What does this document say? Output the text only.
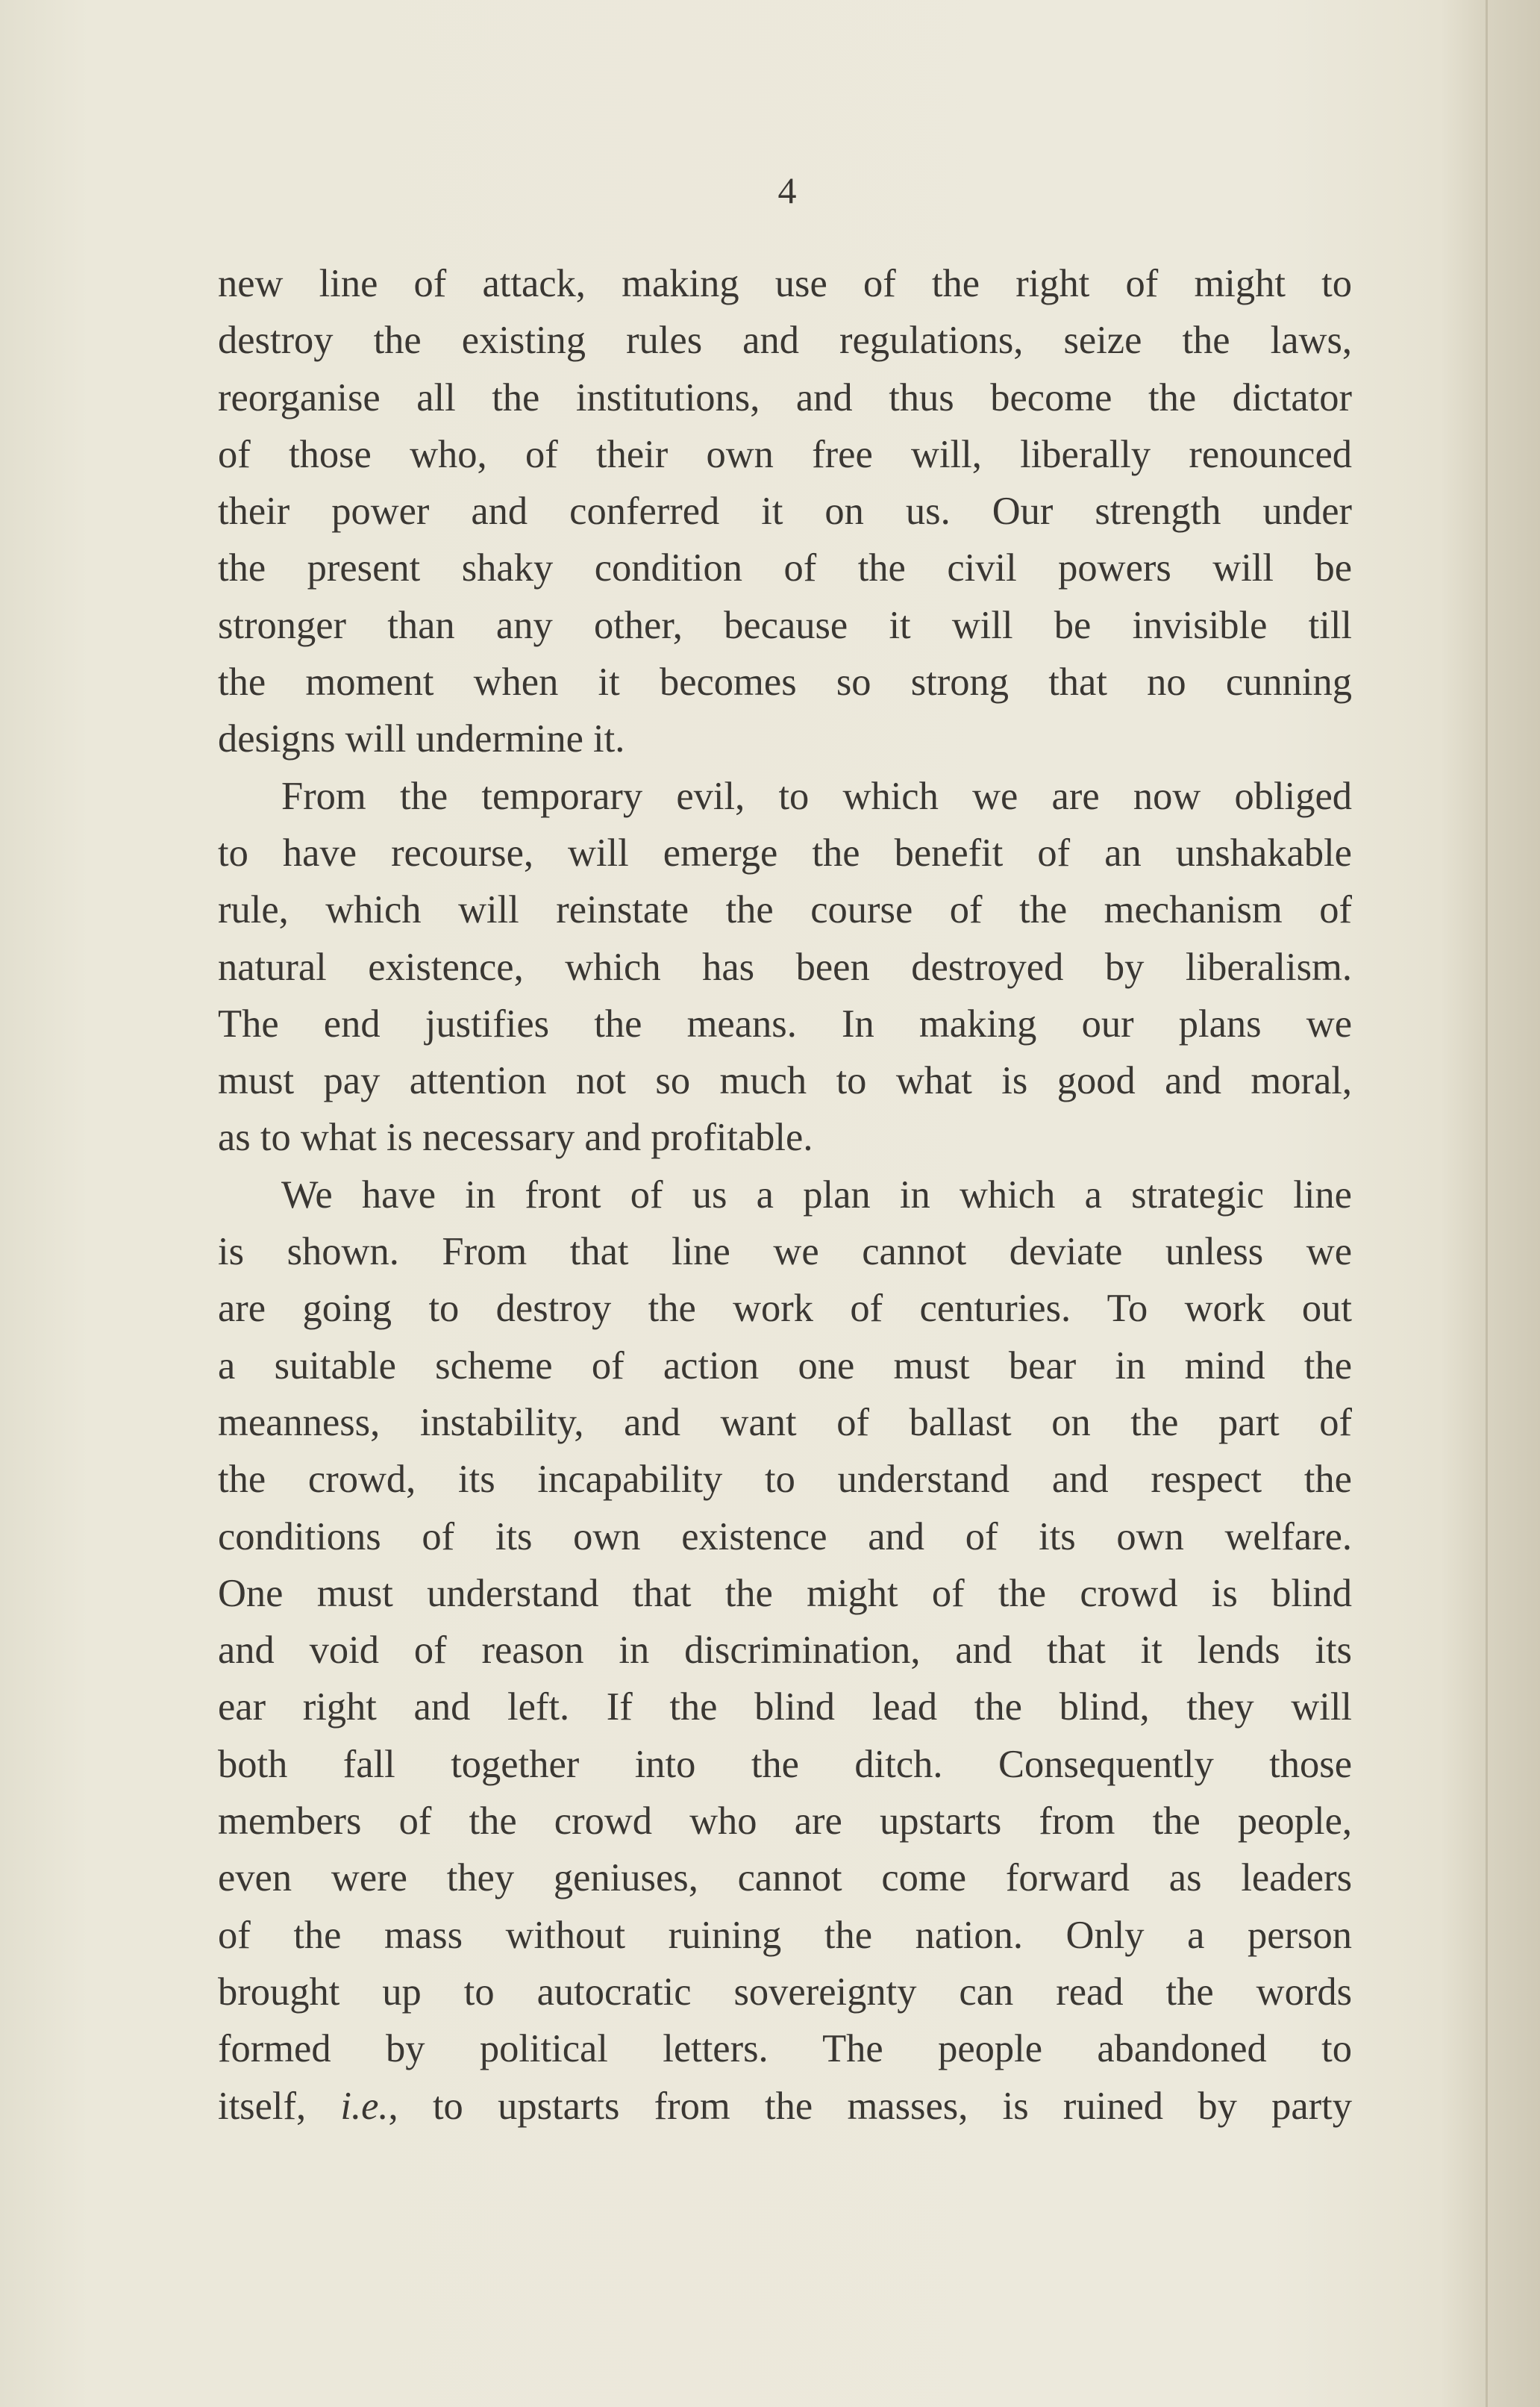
4

new line of attack, making use of the right of might to
destroy the existing rules and regulations, seize the laws,
reorganise all the institutions, and thus become the dictator
of those who, of their own free will, liberally renounced
their power and conferred it on us. Our strength under
the present shaky condition of the civil powers will be
stronger than any other, because it will be invisible till
the moment when it becomes so strong that no cunning
designs will undermine it.

From the temporary evil, to which we are now obliged
to have recourse, will emerge the benefit of an unshakable
rule, which will reinstate the course of the mechanism of
natural existence, which has been destroyed by liberalism.
The end justifies the means. In making our plans we
must pay attention not so much to what is good and moral,
as to what is necessary and profitable.

We have in front of us a plan in which a strategic line
is shown. From that line we cannot deviate unless we
are going to destroy the work of centuries. To work out
a suitable scheme of action one must bear in mind the
meanness, instability, and want of ballast on the part of
the crowd, its incapability to understand and respect the
conditions of its own existence and of its own welfare.
One must understand that the might of the crowd is blind
and void of reason in discrimination, and that it lends its
ear right and left. If the blind lead the blind, they will
both fall together into the ditch. Consequently those
members of the crowd who are upstarts from the people,
even were they geniuses, cannot come forward as leaders
of the mass without ruining the nation. Only a person
brought up to autocratic sovereignty can read the words
formed by political letters. The people abandoned to
itself, i.e., to upstarts from the masses, is ruined by party
